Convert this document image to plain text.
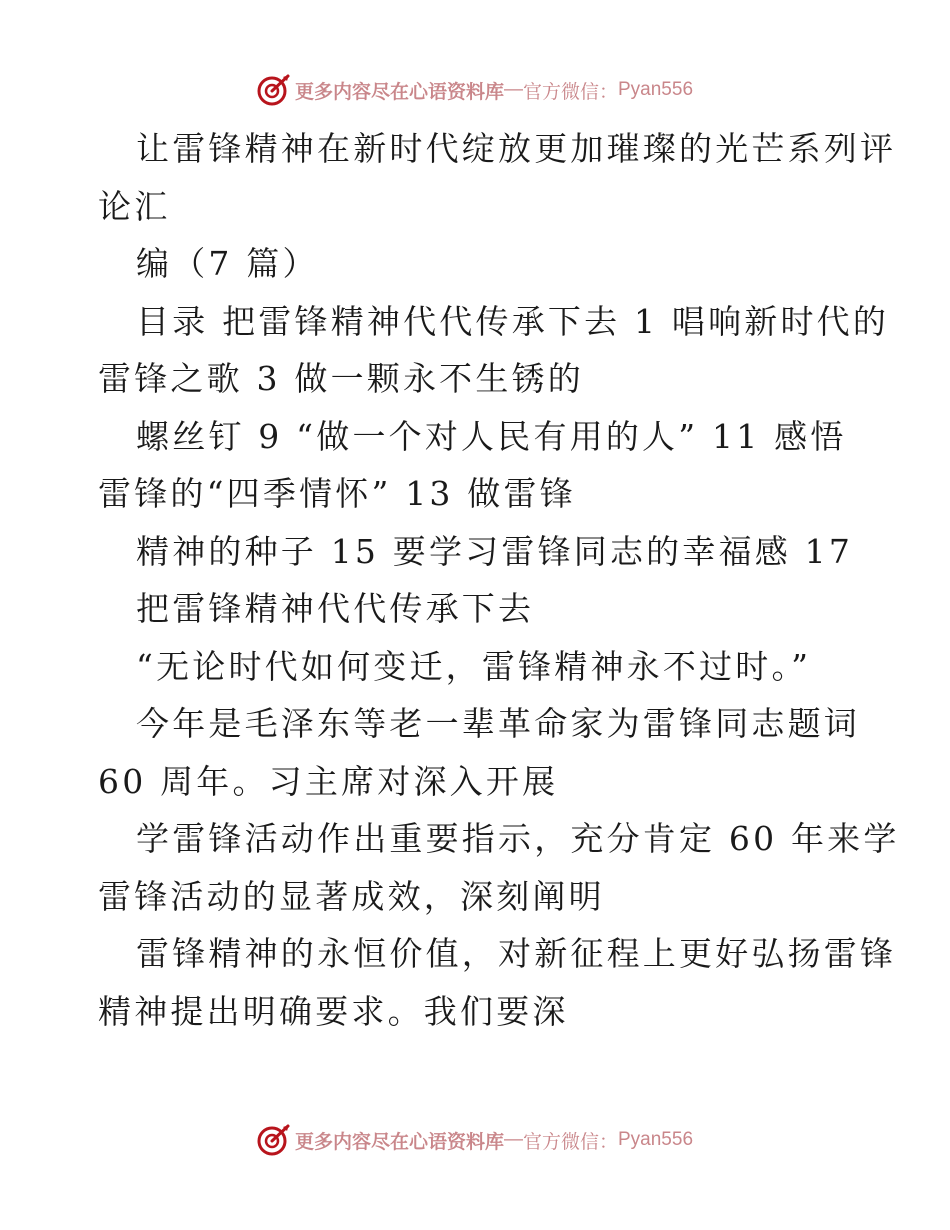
更多内容尽在心语资料库 — 官方微信： Pyan556
让雷锋精神在新时代绽放更加璀璨的光芒系列评
论汇
编（7 篇）
目录 把雷锋精神代代传承下去 1 唱响新时代的
雷锋之歌 3 做一颗永不生锈的
螺丝钉 9 “做一个对人民有用的人” 11 感悟
雷锋的“四季情怀” 13 做雷锋
精神的种子 15 要学习雷锋同志的幸福感 17
把雷锋精神代代传承下去
“无论时代如何变迁，雷锋精神永不过时。”
今年是毛泽东等老一辈革命家为雷锋同志题词
60 周年。习主席对深入开展
学雷锋活动作出重要指示，充分肯定 60 年来学
雷锋活动的显著成效，深刻阐明
雷锋精神的永恒价值，对新征程上更好弘扬雷锋
精神提出明确要求。我们要深
更多内容尽在心语资料库 — 官方微信： Pyan556
